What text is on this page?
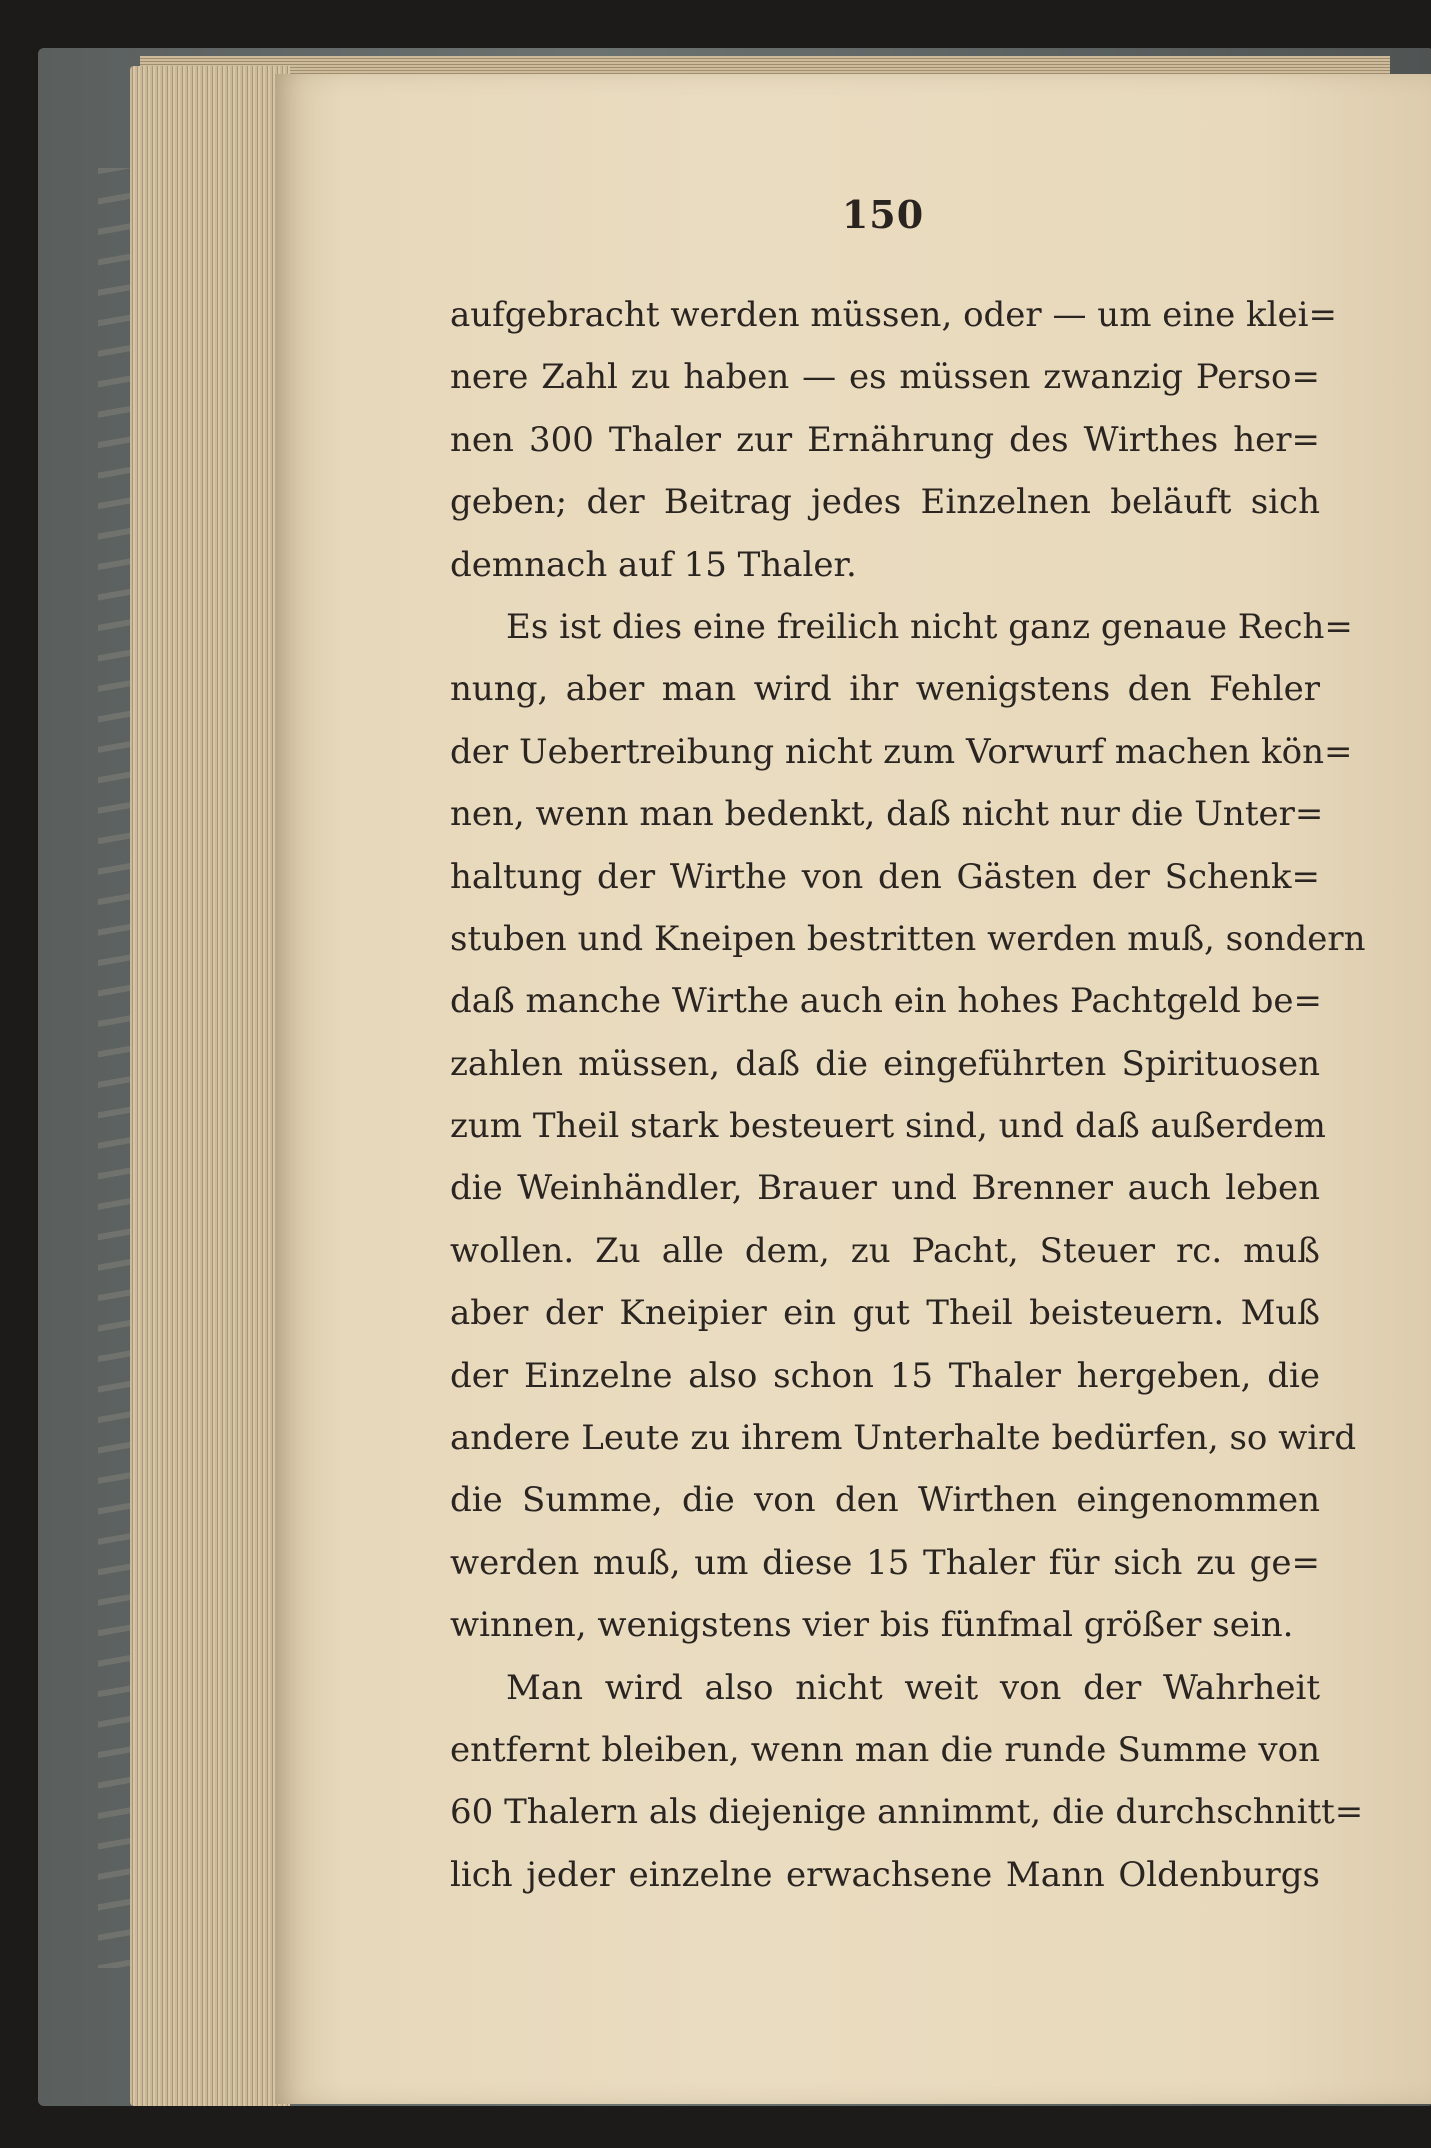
150
aufgebracht werden müssen, oder — um eine klei=
nere Zahl zu haben — es müssen zwanzig Perso=
nen 300 Thaler zur Ernährung des Wirthes her=
geben; der Beitrag jedes Einzelnen beläuft sich
demnach auf 15 Thaler.
Es ist dies eine freilich nicht ganz genaue Rech=
nung, aber man wird ihr wenigstens den Fehler
der Uebertreibung nicht zum Vorwurf machen kön=
nen, wenn man bedenkt, daß nicht nur die Unter=
haltung der Wirthe von den Gästen der Schenk=
stuben und Kneipen bestritten werden muß, sondern
daß manche Wirthe auch ein hohes Pachtgeld be=
zahlen müssen, daß die eingeführten Spirituosen
zum Theil stark besteuert sind, und daß außerdem
die Weinhändler, Brauer und Brenner auch leben
wollen. Zu alle dem, zu Pacht, Steuer rc. muß
aber der Kneipier ein gut Theil beisteuern. Muß
der Einzelne also schon 15 Thaler hergeben, die
andere Leute zu ihrem Unterhalte bedürfen, so wird
die Summe, die von den Wirthen eingenommen
werden muß, um diese 15 Thaler für sich zu ge=
winnen, wenigstens vier bis fünfmal größer sein.
Man wird also nicht weit von der Wahrheit
entfernt bleiben, wenn man die runde Summe von
60 Thalern als diejenige annimmt, die durchschnitt=
lich jeder einzelne erwachsene Mann Oldenburgs
